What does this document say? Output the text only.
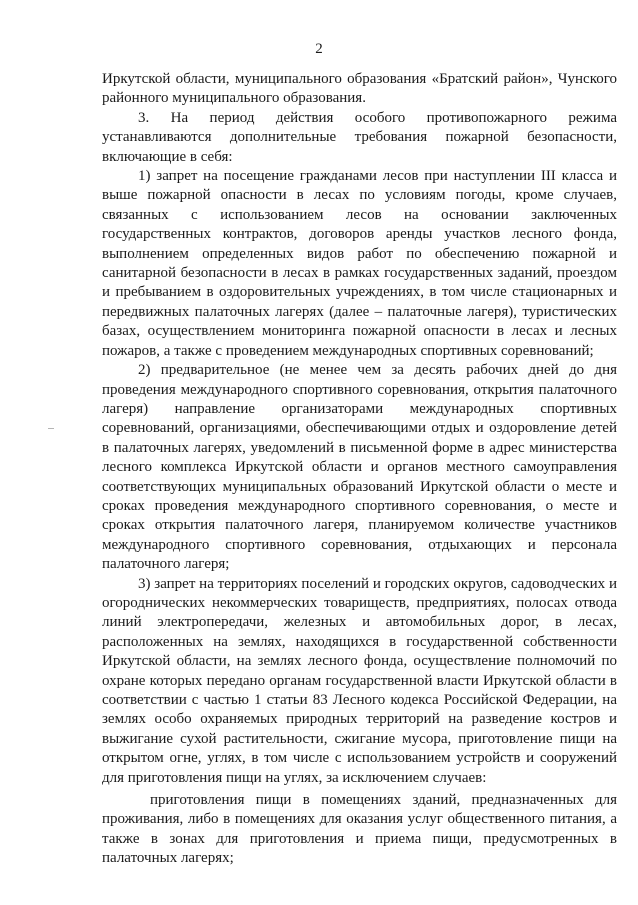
2

Иркутской области, муниципального образования «Братский район», Чунского районного муниципального образования.

3. На период действия особого противопожарного режима устанавливаются дополнительные требования пожарной безопасности, включающие в себя:

1) запрет на посещение гражданами лесов при наступлении III класса и выше пожарной опасности в лесах по условиям погоды, кроме случаев, связанных с использованием лесов на основании заключенных государственных контрактов, договоров аренды участков лесного фонда, выполнением определенных видов работ по обеспечению пожарной и санитарной безопасности в лесах в рамках государственных заданий, проездом и пребыванием в оздоровительных учреждениях, в том числе стационарных и передвижных палаточных лагерях (далее – палаточные лагеря), туристических базах, осуществлением мониторинга пожарной опасности в лесах и лесных пожаров, а также с проведением международных спортивных соревнований;

2) предварительное (не менее чем за десять рабочих дней до дня проведения международного спортивного соревнования, открытия палаточного лагеря) направление организаторами международных спортивных соревнований, организациями, обеспечивающими отдых и оздоровление детей в палаточных лагерях, уведомлений в письменной форме в адрес министерства лесного комплекса Иркутской области и органов местного самоуправления соответствующих муниципальных образований Иркутской области о месте и сроках проведения международного спортивного соревнования, о месте и сроках открытия палаточного лагеря, планируемом количестве участников международного спортивного соревнования, отдыхающих и персонала палаточного лагеря;

3) запрет на территориях поселений и городских округов, садоводческих и огороднических некоммерческих товариществ, предприятиях, полосах отвода линий электропередачи, железных и автомобильных дорог, в лесах, расположенных на землях, находящихся в государственной собственности Иркутской области, на землях лесного фонда, осуществление полномочий по охране которых передано органам государственной власти Иркутской области в соответствии с частью 1 статьи 83 Лесного кодекса Российской Федерации, на землях особо охраняемых природных территорий на разведение костров и выжигание сухой растительности, сжигание мусора, приготовление пищи на открытом огне, углях, в том числе с использованием устройств и сооружений для приготовления пищи на углях, за исключением случаев:

приготовления пищи в помещениях зданий, предназначенных для проживания, либо в помещениях для оказания услуг общественного питания, а также в зонах для приготовления и приема пищи, предусмотренных в палаточных лагерях;
